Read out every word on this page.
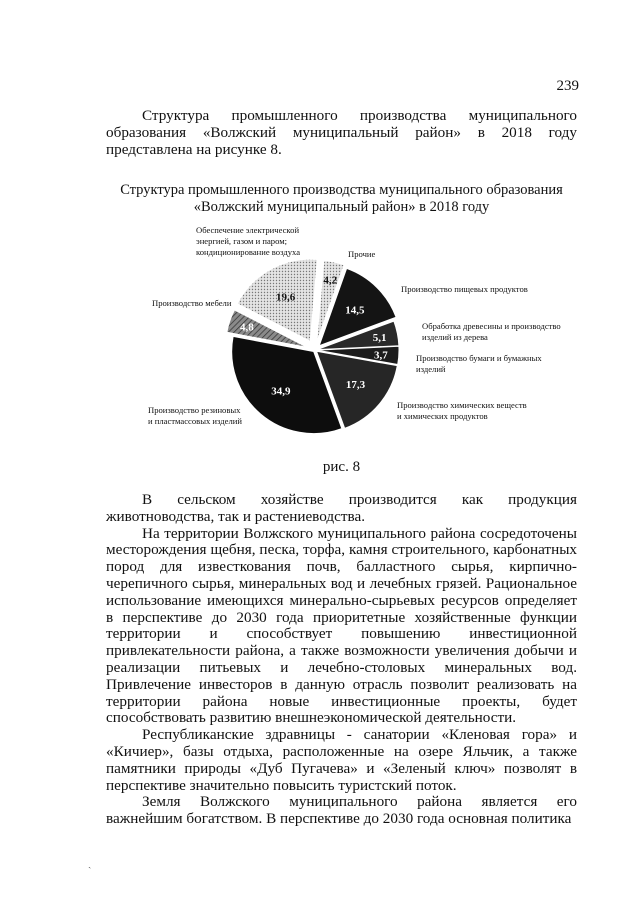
239

Структура промышленного производства муниципального образования «Волжский муниципальный район» в 2018 году представлена на рисунке 8.

Структура промышленного производства муниципального образования
«Волжский муниципальный район» в 2018 году
4,2
14,5
5,1
3,7
17,3
34,9
4,8
19,6
Обеспечение электрической
энергией, газом и паром;
кондиционирование воздуха	Прочие
Производство пищевых продуктов
Обработка древесины и производство
изделий из дерева
Производство бумаги и бумажных
изделий
Производство химических веществ
и химических продуктов
Производство резиновых
и пластмассовых изделий
Производство мебели
рис. 8

В сельском хозяйстве производится как продукция животноводства, так и растениеводства.

На территории Волжского муниципального района сосредоточены месторождения щебня, песка, торфа, камня строительного, карбонатных пород для известкования почв, балластного сырья, кирпично-черепичного сырья, минеральных вод и лечебных грязей. Рациональное использование имеющихся минерально-сырьевых ресурсов определяет в перспективе до 2030 года приоритетные хозяйственные функции территории и способствует повышению инвестиционной привлекательности района, а также возможности увеличения добычи и реализации питьевых и лечебно-столовых минеральных вод. Привлечение инвесторов в данную отрасль позволит реализовать на территории района новые инвестиционные проекты, будет способствовать развитию внешнеэкономической деятельности.

Республиканские здравницы - санатории «Кленовая гора» и «Кичиер», базы отдыха, расположенные на озере Яльчик, а также памятники природы «Дуб Пугачева» и «Зеленый ключ» позволят в перспективе значительно повысить туристский поток.

Земля Волжского муниципального района является его важнейшим богатством. В перспективе до 2030 года основная политика

ˏ
